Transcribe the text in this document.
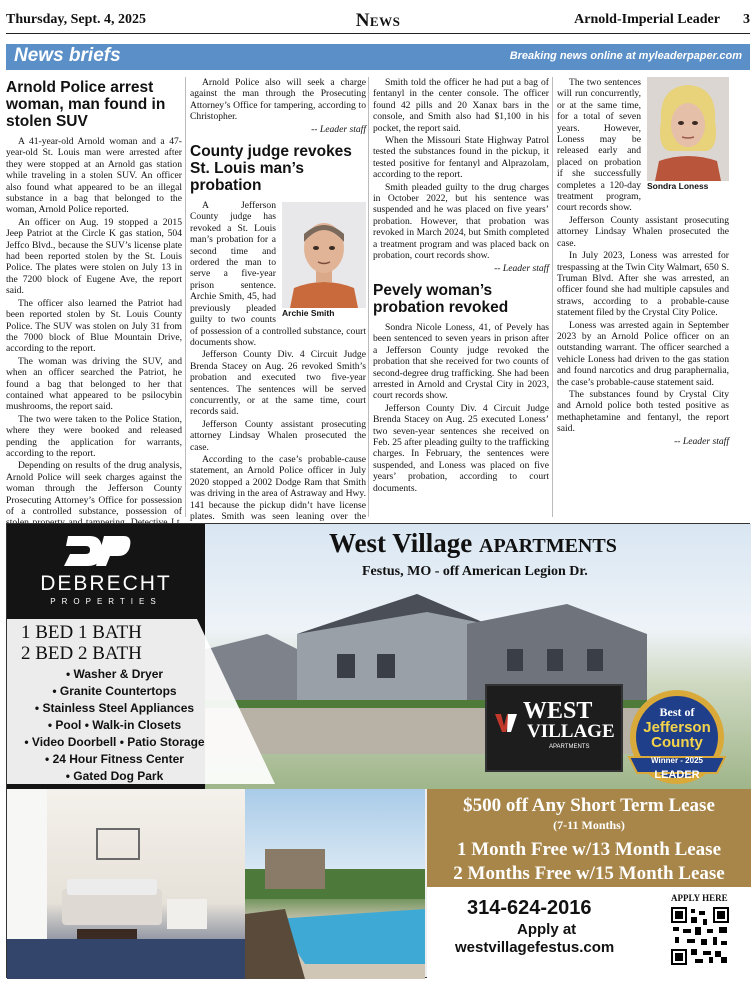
Thursday, Sept. 4, 2025	News	Arnold-Imperial Leader 3
News briefs	Breaking news online at myleaderpaper.com
Arnold Police arrest woman, man found in stolen SUV

A 41-year-old Arnold woman and a 47-year-old St. Louis man were arrested after they were stopped at an Arnold gas station while traveling in a stolen SUV. An officer also found what appeared to be an illegal substance in a bag that belonged to the woman, Arnold Police reported.

An officer on Aug. 19 stopped a 2015 Jeep Patriot at the Circle K gas station, 504 Jeffco Blvd., because the SUV’s license plate had been reported stolen by the St. Louis Police. The plates were stolen on July 13 in the 7200 block of Eugene Ave, the report said.

The officer also learned the Patriot had been reported stolen by St. Louis County Police. The SUV was stolen on July 31 from the 7000 block of Blue Mountain Drive, according to the report.

The woman was driving the SUV, and when an officer searched the Patriot, he found a bag that belonged to her that contained what appeared to be psilocybin mushrooms, the report said.

The two were taken to the Police Station, where they were booked and released pending the application for warrants, according to the report.

Depending on results of the drug analysis, Arnold Police will seek charges against the woman through the Jefferson County Prosecuting Attorney’s Office for possession of a controlled substance, possession of

Arnold Police also will seek a charge against the man through the Prosecuting Attorney’s Office for tampering, according to Christopher.

-- Leader staff
County judge revokes St. Louis man’s probation
Archie Smith

A Jefferson County judge has revoked a St. Louis man’s probation for a second time and ordered the man to serve a five-year prison sentence. Archie Smith, 45, had previously pleaded guilty to two counts of possession of a controlled substance, court documents show.

Jefferson County Div. 4 Circuit Judge Brenda Stacey on Aug. 26 revoked Smith’s probation and executed two five-year sentences. The sentences will be served concurrently, or at the same time, court records said.

Jefferson County assistant prosecuting attorney Lindsay Whalen prosecuted the case.

According to the case’s probable-cause statement, an Arnold Police officer in July 2020 stopped a 2002 Dodge Ram that Smith was driving in the area of Astraway and Hwy. 141 because the pickup didn’t have license plates. Smith was seen leaning over the

Smith told the officer he had put a bag of fentanyl in the center console. The officer found 42 pills and 20 Xanax bars in the console, and Smith also had $1,100 in his pocket, the report said.

When the Missouri State Highway Patrol tested the substances found in the pickup, it tested positive for fentanyl and Alprazolam, according to the report.

Smith pleaded guilty to the drug charges in October 2022, but his sentence was suspended and he was placed on five years’ probation. However, that probation was revoked in March 2024, but Smith completed a treatment program and was placed back on probation, court records show.

-- Leader staff
Pevely woman’s probation revoked

Sondra Nicole Loness, 41, of Pevely has been sentenced to seven years in prison after a Jefferson County judge revoked the probation that she received for two counts of second-degree drug trafficking. She had been arrested in Arnold and Crystal City in 2023, court records show.

Jefferson County Div. 4 Circuit Judge Brenda Stacey on Aug. 25 executed Loness’ two seven-year sentences she received on Feb. 25 after pleading guilty to the trafficking charges. In February, the sentences were suspended, and Loness was placed on five years’ probation, according to court documents.

Sondra Loness

The two sentences will run concurrently, or at the same time, for a total of seven years. However, Loness may be released early and placed on probation if she successfully completes a 120-day treatment program, court records show.

Jefferson County assistant prosecuting attorney Lindsay Whalen prosecuted the case.

In July 2023, Loness was arrested for trespassing at the Twin City Walmart, 650 S. Truman Blvd. After she was arrested, an officer found she had multiple capsules and straws, according to a probable-cause statement filed by the Crystal City Police.

Loness was arrested again in September 2023 by an Arnold Police officer on an outstanding warrant. The officer searched a vehicle Loness had driven to the gas station and found narcotics and drug paraphernalia, the case’s probable-cause statement said.

The substances found by Crystal City and Arnold police both tested positive as methaphetamine and fentanyl, the report said.

-- Leader staff
DEBRECHT
PROPERTIES
1 BED 1 BATH
2 BED 2 BATH
• Washer & Dryer
• Granite Countertops
• Stainless Steel Appliances
• Pool • Walk-in Closets
• Video Doorbell • Patio Storage
• 24 Hour Fitness Center
• Gated Dog Park
West Village APARTMENTS
Festus, MO - off American Legion Dr.
WEST
VILLAGE
APARTMENTS
Best of
Jefferson
County
Winner - 2025
LEADER
$500 off Any Short Term Lease
(7-11 Months)
1 Month Free w/13 Month Lease
2 Months Free w/15 Month Lease
314-624-2016
Apply at
westvillagefestus.com
APPLY HERE
